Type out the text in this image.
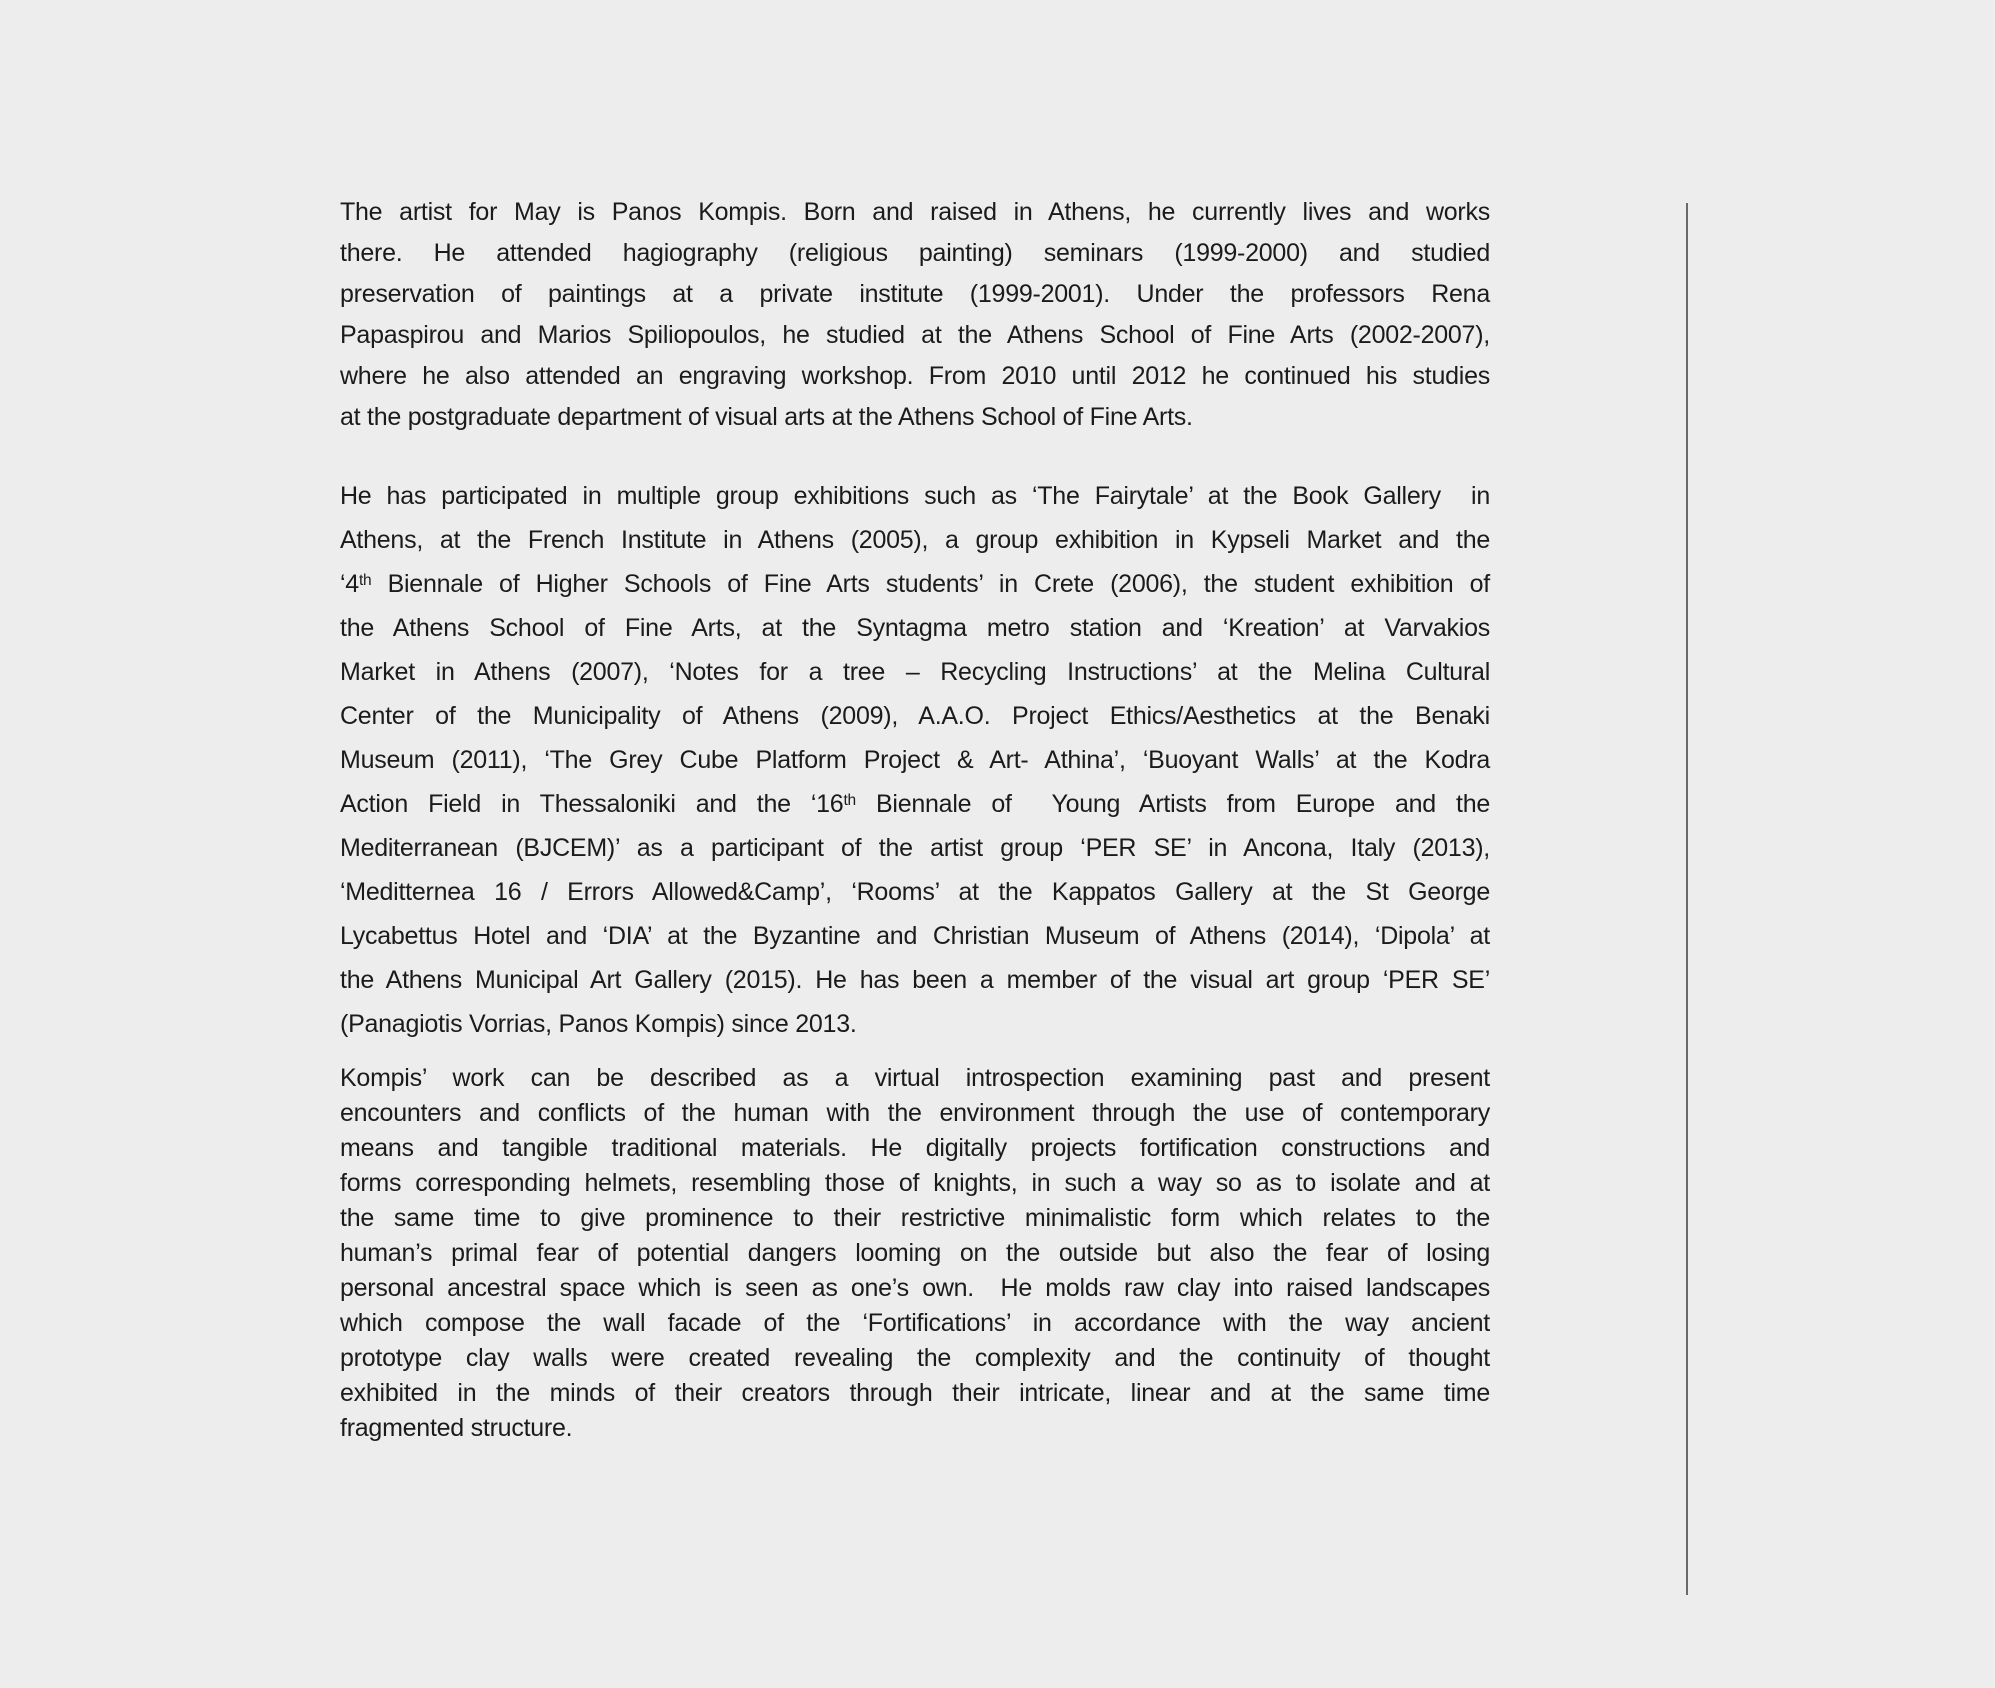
The artist for May is Panos Kompis. Born and raised in Athens, he currently lives and works
there. He attended hagiography (religious painting) seminars (1999-2000) and studied
preservation of paintings at a private institute (1999-2001). Under the professors Rena
Papaspirou and Marios Spiliopoulos, he studied at the Athens School of Fine Arts (2002-2007),
where he also attended an engraving workshop. From 2010 until 2012 he continued his studies
at the postgraduate department of visual arts at the Athens School of Fine Arts.
He has participated in multiple group exhibitions such as ‘The Fairytale’ at the Book Gallery  in
Athens, at the French Institute in Athens (2005), a group exhibition in Kypseli Market and the
‘4th Biennale of Higher Schools of Fine Arts students’ in Crete (2006), the student exhibition of
the Athens School of Fine Arts, at the Syntagma metro station and ‘Kreation’ at Varvakios
Market in Athens (2007), ‘Notes for a tree – Recycling Instructions’ at the Melina Cultural
Center of the Municipality of Athens (2009), A.A.O. Project Ethics/Aesthetics at the Benaki
Museum (2011), ‘The Grey Cube Platform Project & Art- Athina’, ‘Buoyant Walls’ at the Kodra
Action Field in Thessaloniki and the ‘16th Biennale of  Young Artists from Europe and the
Mediterranean (BJCEM)’ as a participant of the artist group ‘PER SE’ in Ancona, Italy (2013),
‘Meditternea 16 / Errors Allowed&Camp’, ‘Rooms’ at the Kappatos Gallery at the St George
Lycabettus Hotel and ‘DIA’ at the Byzantine and Christian Museum of Athens (2014), ‘Dipola’ at
the Athens Municipal Art Gallery (2015). He has been a member of the visual art group ‘PER SE’
(Panagiotis Vorrias, Panos Kompis) since 2013.
Kompis’ work can be described as a virtual introspection examining past and present
encounters and conflicts of the human with the environment through the use of contemporary
means and tangible traditional materials. He digitally projects fortification constructions and
forms corresponding helmets, resembling those of knights, in such a way so as to isolate and at
the same time to give prominence to their restrictive minimalistic form which relates to the
human’s primal fear of potential dangers looming on the outside but also the fear of losing
personal ancestral space which is seen as one’s own.  He molds raw clay into raised landscapes
which compose the wall facade of the ‘Fortifications’ in accordance with the way ancient
prototype clay walls were created revealing the complexity and the continuity of thought
exhibited in the minds of their creators through their intricate, linear and at the same time
fragmented structure.
